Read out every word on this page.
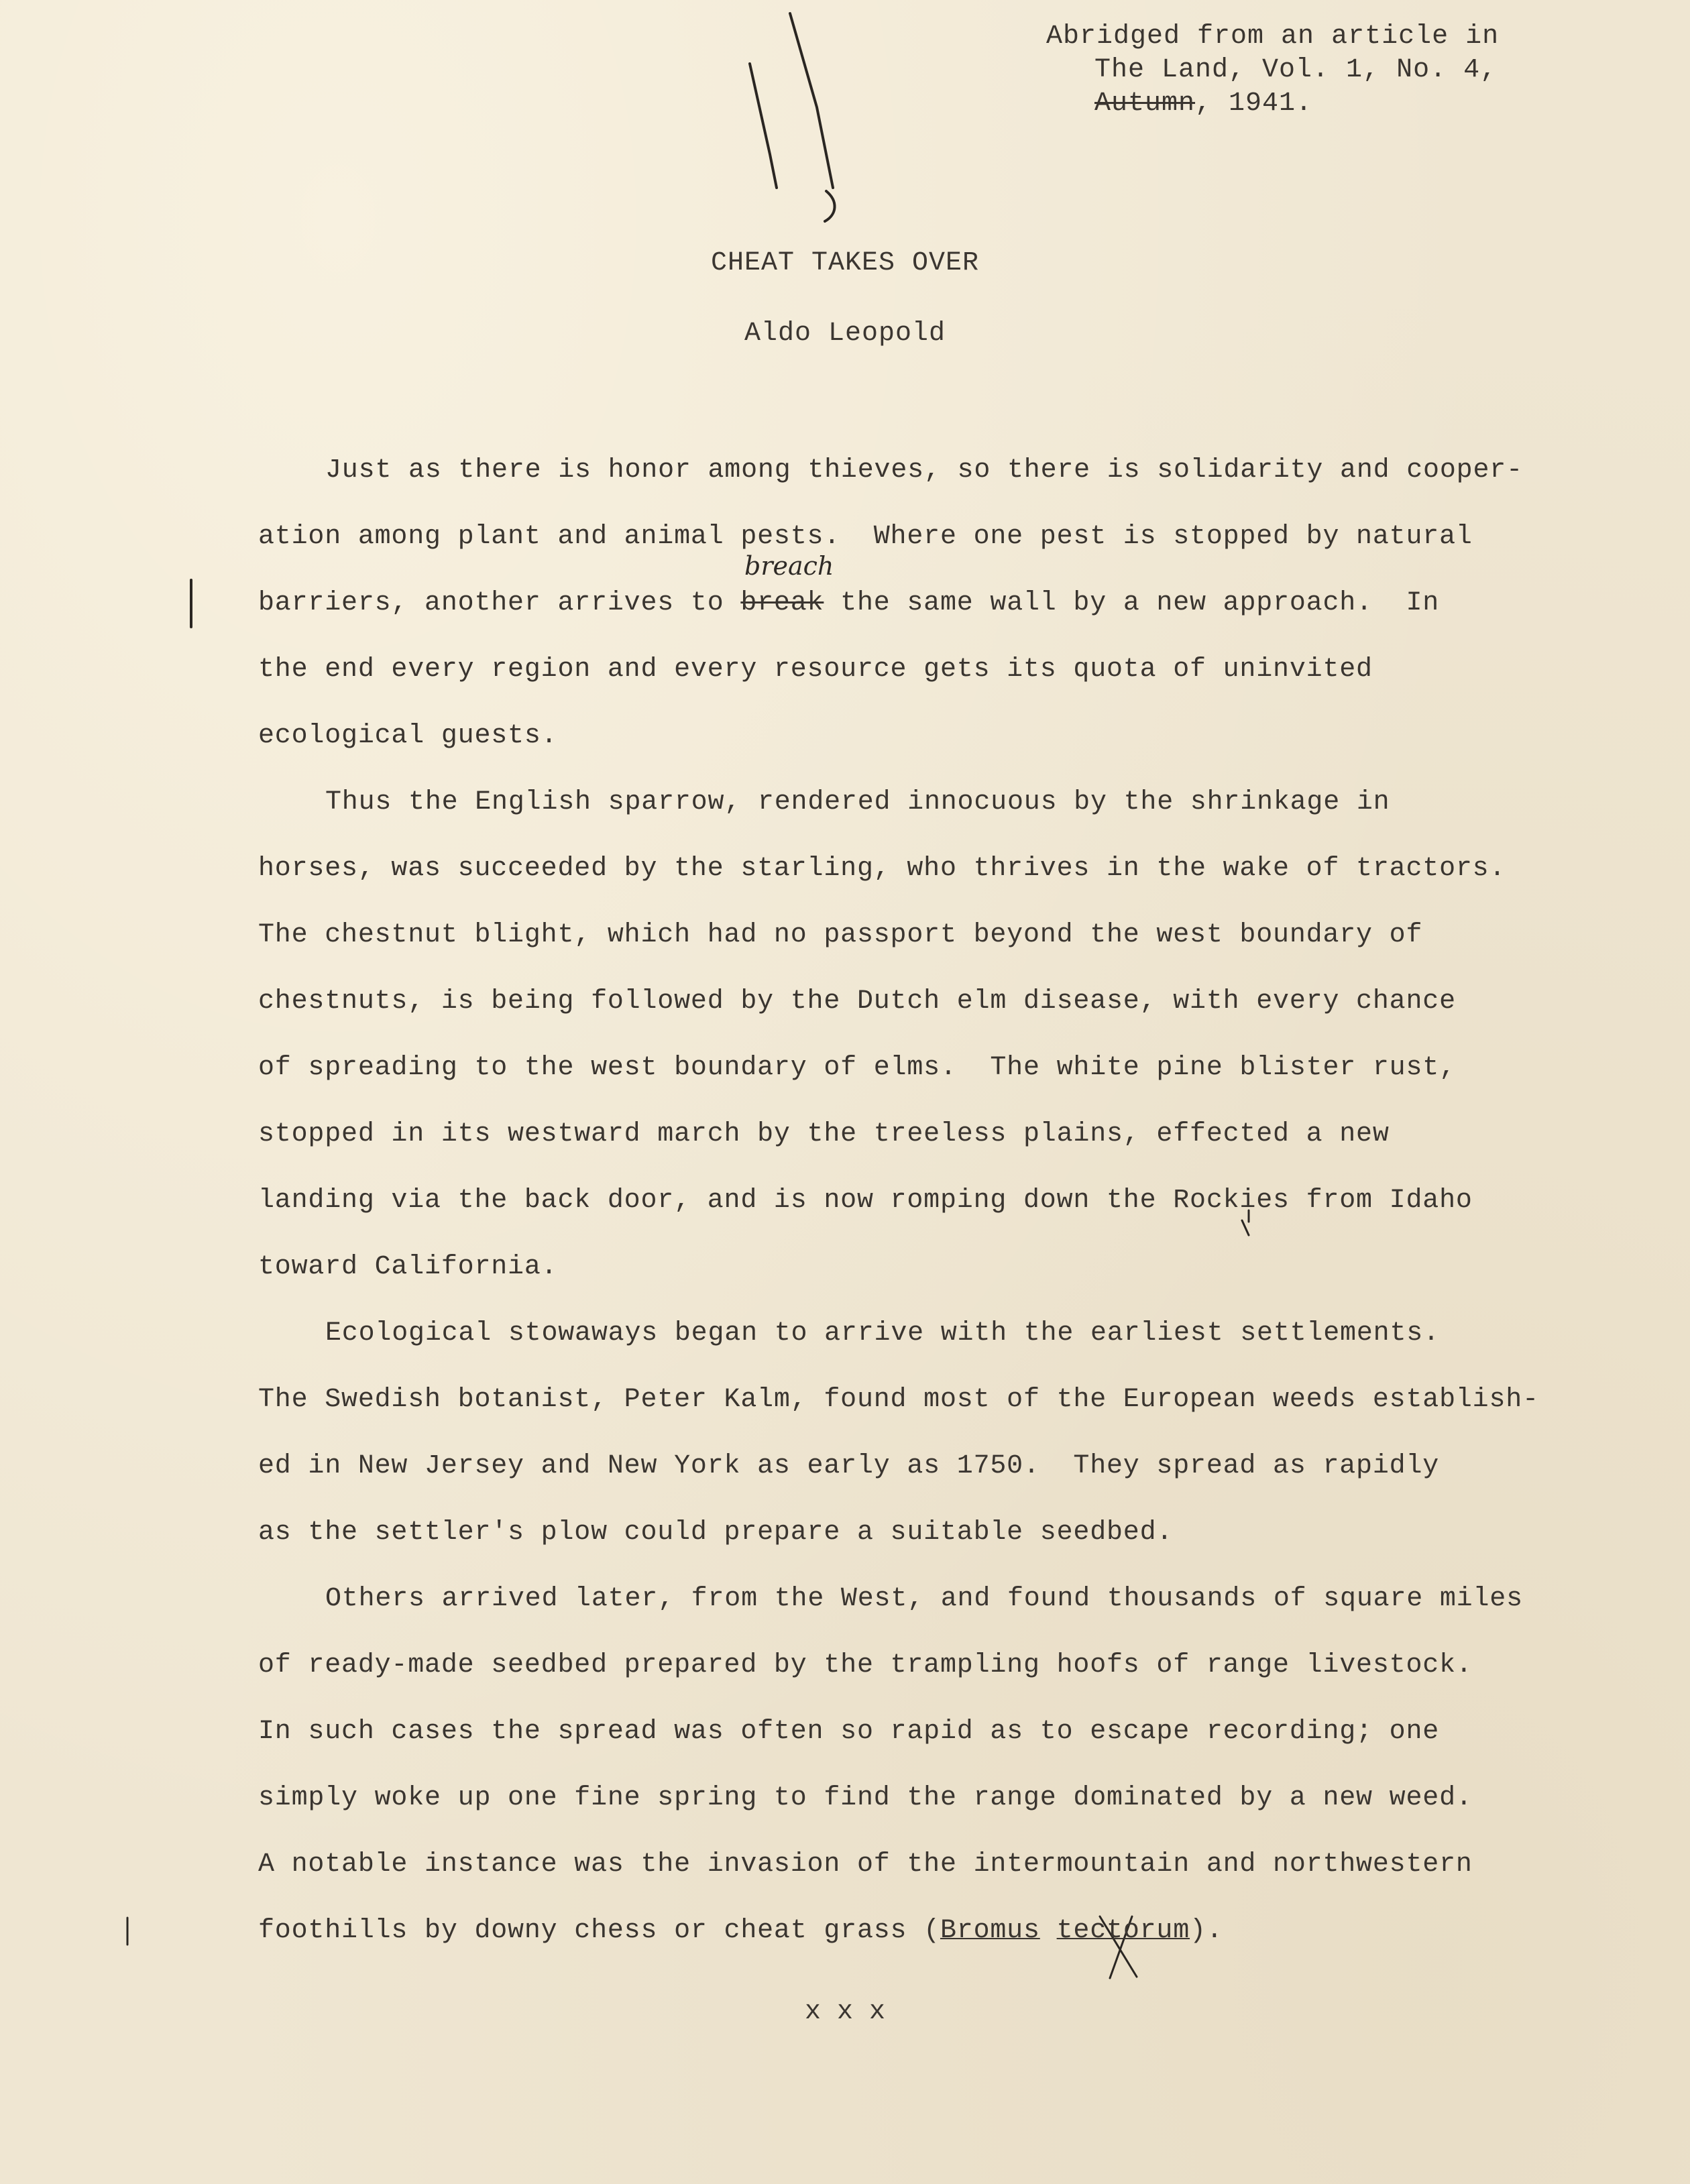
Abridged from an article in
The Land, Vol. 1, No. 4,
Autumn, 1941.
CHEAT TAKES OVER
Aldo Leopold
breach
Just as there is honor among thieves, so there is solidarity and cooper-
ation among plant and animal pests.  Where one pest is stopped by natural
barriers, another arrives to break the same wall by a new approach.  In
the end every region and every resource gets its quota of uninvited
ecological guests.
Thus the English sparrow, rendered innocuous by the shrinkage in
horses, was succeeded by the starling, who thrives in the wake of tractors.
The chestnut blight, which had no passport beyond the west boundary of
chestnuts, is being followed by the Dutch elm disease, with every chance
of spreading to the west boundary of elms.  The white pine blister rust,
stopped in its westward march by the treeless plains, effected a new
landing via the back door, and is now romping down the Rockies from Idaho
toward California.
Ecological stowaways began to arrive with the earliest settlements.
The Swedish botanist, Peter Kalm, found most of the European weeds establish-
ed in New Jersey and New York as early as 1750.  They spread as rapidly
as the settler's plow could prepare a suitable seedbed.
Others arrived later, from the West, and found thousands of square miles
of ready-made seedbed prepared by the trampling hoofs of range livestock.
In such cases the spread was often so rapid as to escape recording; one
simply woke up one fine spring to find the range dominated by a new weed.
A notable instance was the invasion of the intermountain and northwestern
foothills by downy chess or cheat grass (Bromus tectorum).
x x x
